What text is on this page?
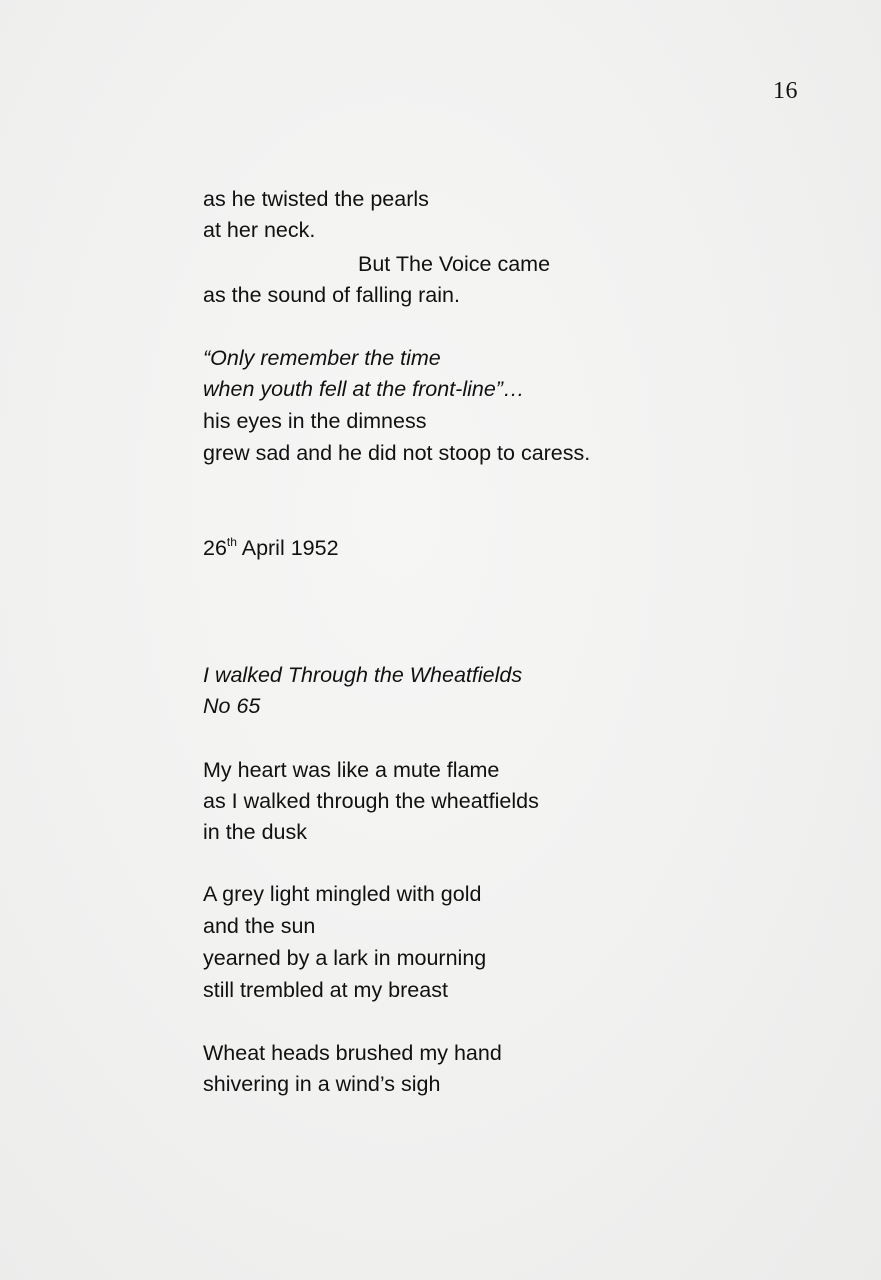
16
as he twisted the pearls
at her neck.
But The Voice came
as the sound of falling rain.
“Only remember the time
when youth fell at the front-line”…
his eyes in the dimness
grew sad and he did not stoop to caress.
26th April 1952
I walked Through the Wheatfields
No 65
My heart was like a mute flame
as I walked through the wheatfields
in the dusk
A grey light mingled with gold
and the sun
yearned by a lark in mourning
still trembled at my breast
Wheat heads brushed my hand
shivering in a wind’s sigh
